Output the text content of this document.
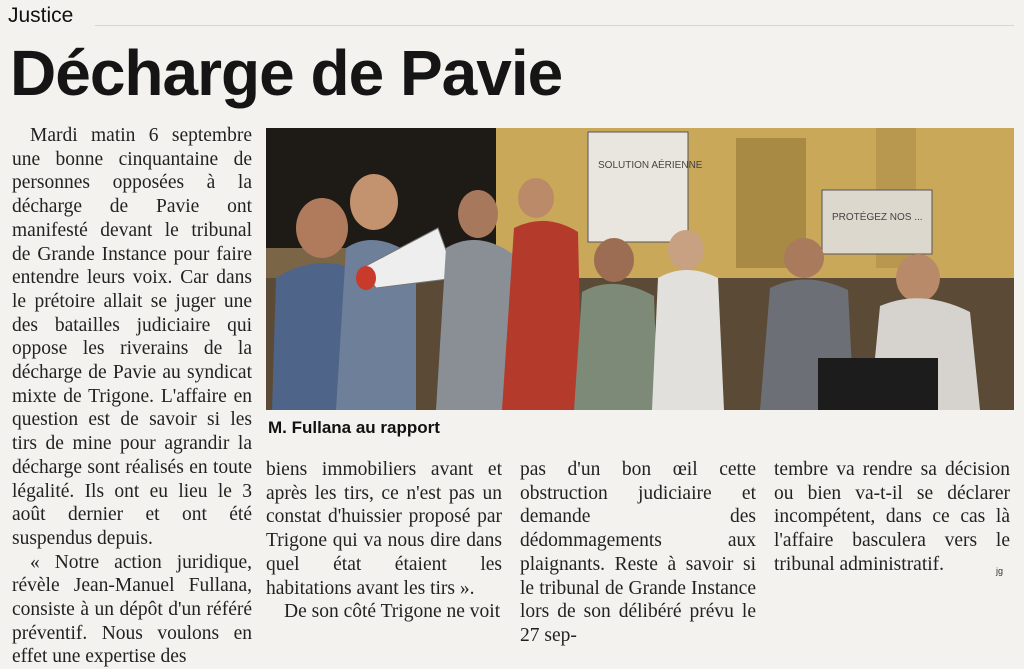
Justice
Décharge de Pavie

Mardi matin 6 septembre une bonne cinquantaine de personnes opposées à la décharge de Pavie ont manifesté devant le tribunal de Grande Instance pour faire entendre leurs voix. Car dans le prétoire allait se juger une des batailles judiciaire qui oppose les riverains de la décharge de Pavie au syndicat mixte de Trigone. L'affaire en question est de savoir si les tirs de mine pour agrandir la décharge sont réalisés en toute légalité. Ils ont eu lieu le 3 août dernier et ont été suspendus depuis.

« Notre action juridique, révèle Jean-Manuel Fullana, consiste à un dépôt d'un référé préventif. Nous voulons en effet une expertise des

SOLUTION AÉRIENNE
PROTÉGEZ NOS ...
M. Fullana au rapport

biens immobiliers avant et après les tirs, ce n'est pas un constat d'huissier proposé par Trigone qui va nous dire dans quel état étaient les habitations avant les tirs ».

De son côté Trigone ne voit

pas d'un bon œil cette obstruction judiciaire et demande des dédommagements aux plaignants. Reste à savoir si le tribunal de Grande Instance lors de son délibéré prévu le 27 sep-

tembre va rendre sa décision ou bien va-t-il se déclarer incompétent, dans ce cas là l'affaire basculera vers le tribunal administratif.	jg
